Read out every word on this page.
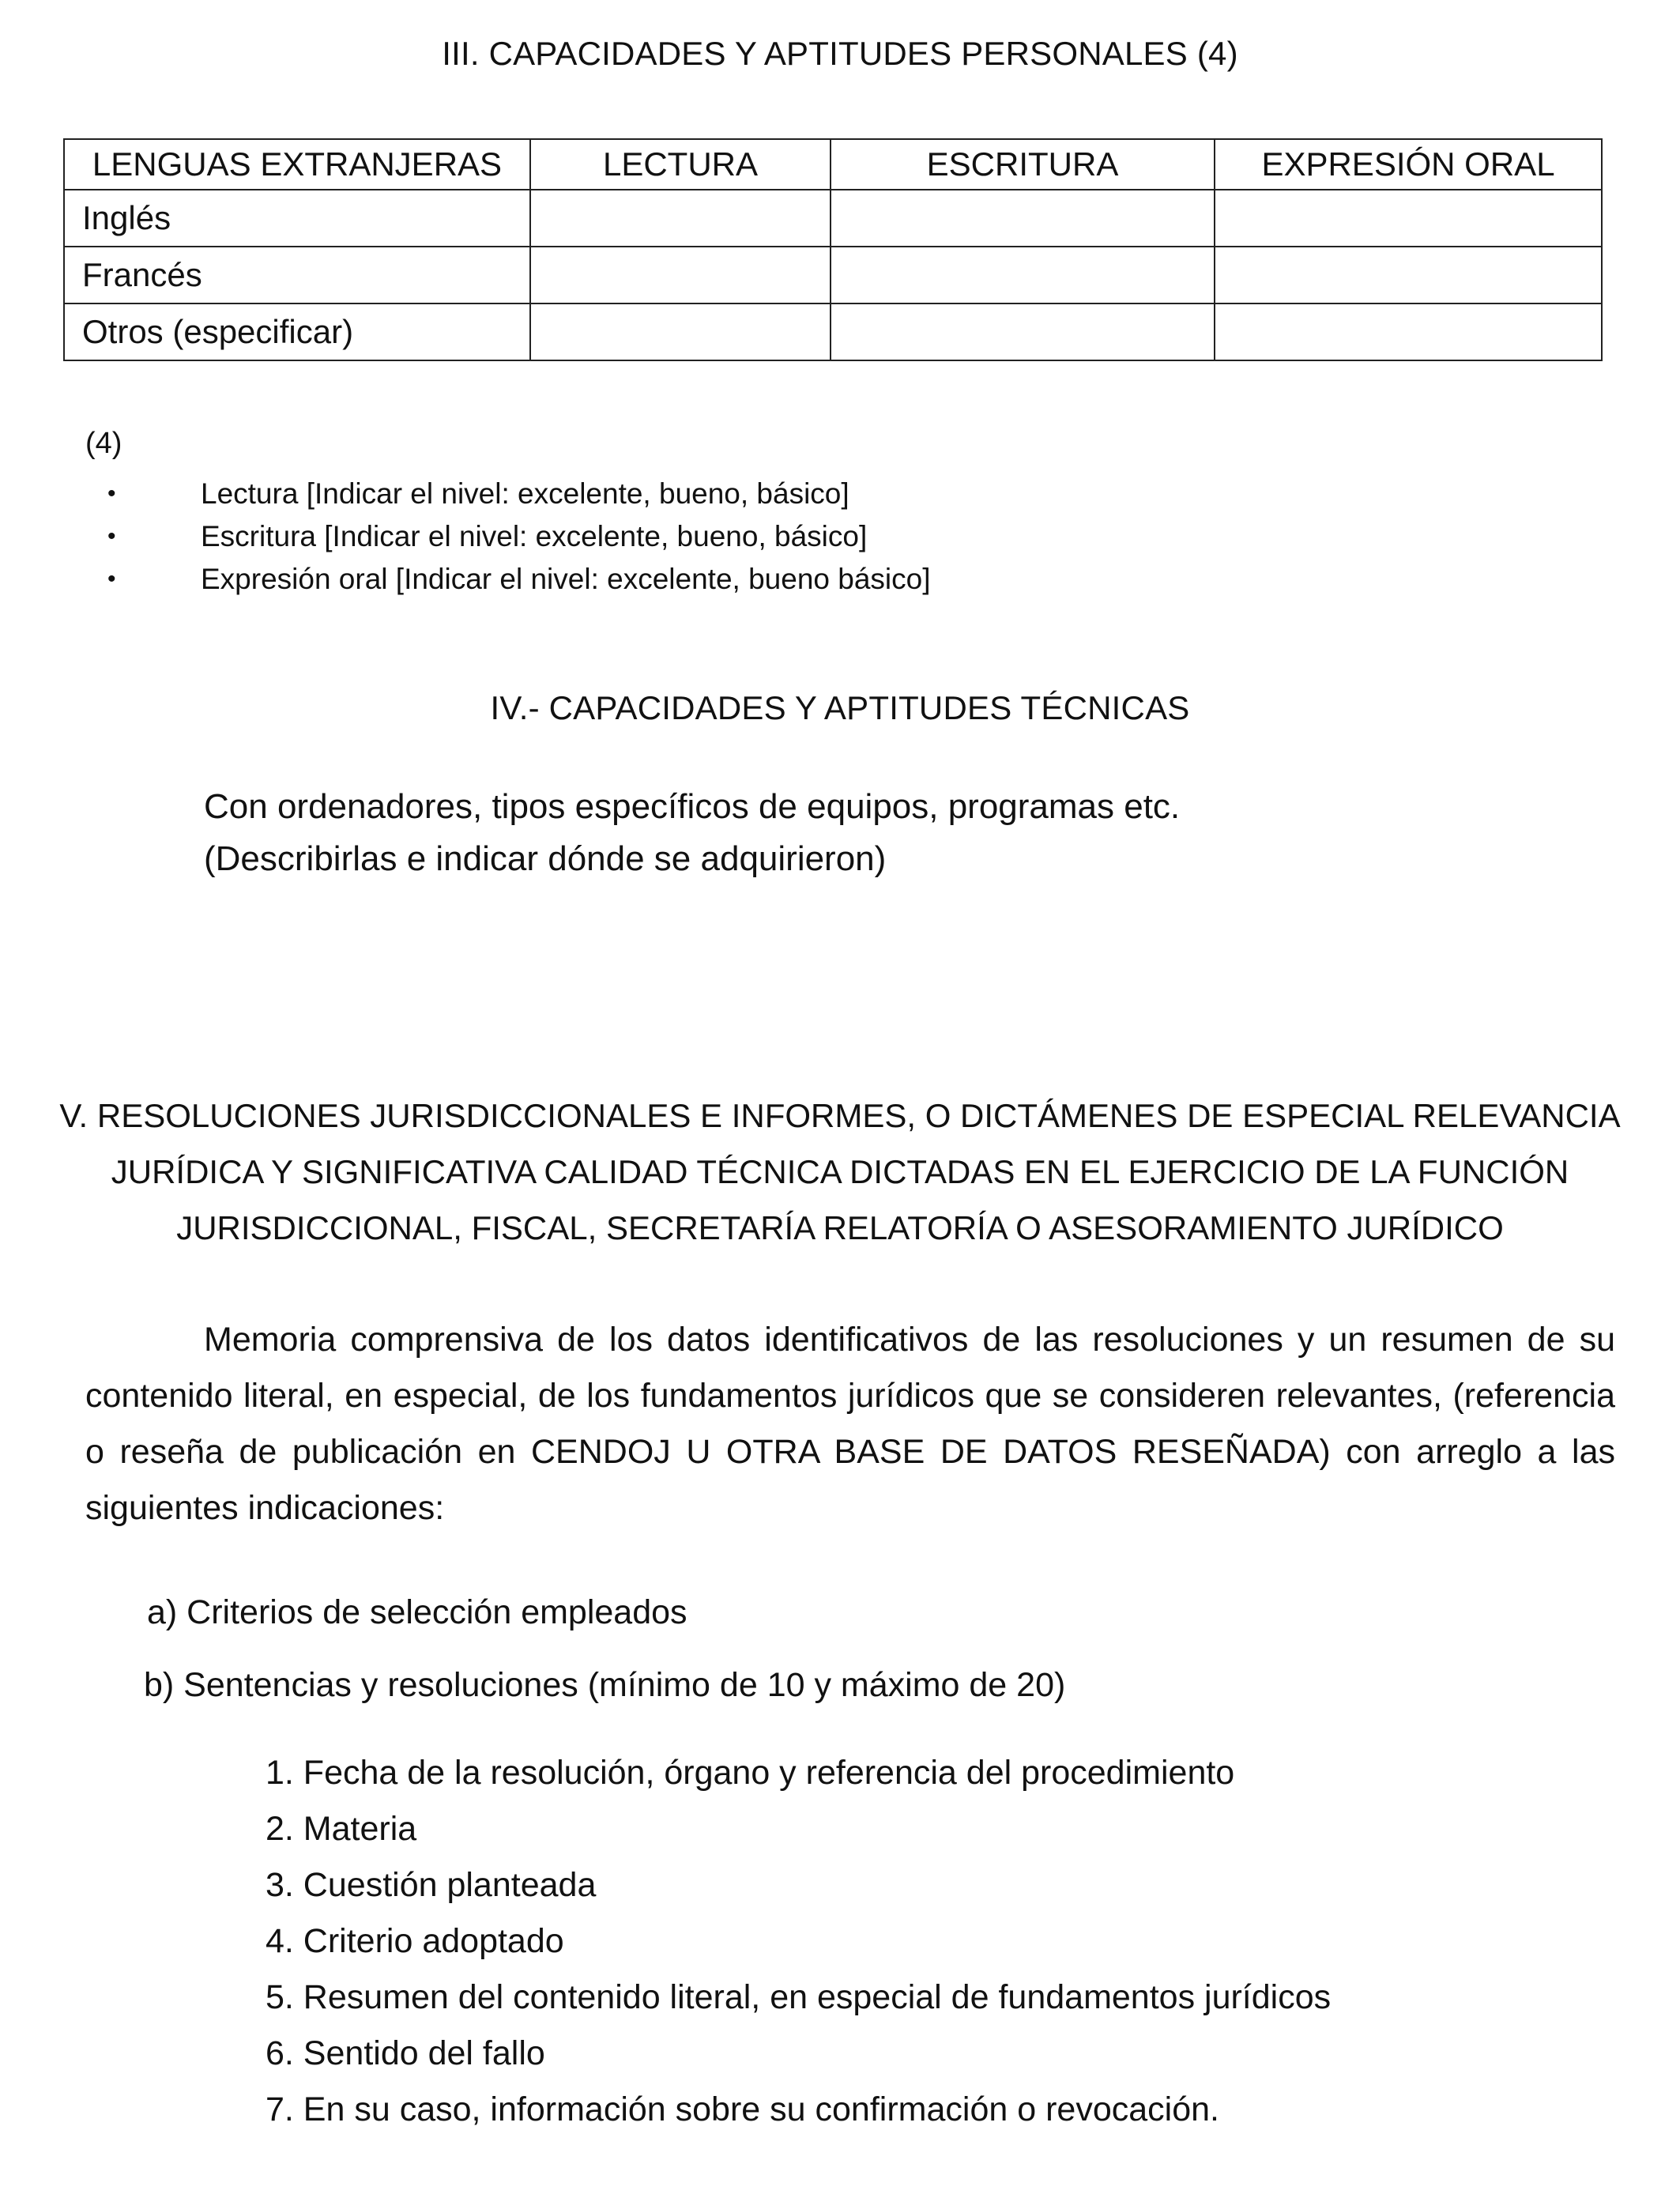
III. CAPACIDADES Y APTITUDES PERSONALES (4)
LENGUAS EXTRANJERAS	LECTURA	ESCRITURA	EXPRESIÓN ORAL
Inglés			
Francés			
Otros (especificar)			
(4)
•	Lectura [Indicar el nivel: excelente, bueno, básico]
•	Escritura [Indicar el nivel: excelente, bueno, básico]
•	Expresión oral [Indicar el nivel: excelente, bueno básico]
IV.- CAPACIDADES Y APTITUDES TÉCNICAS
Con ordenadores, tipos específicos de equipos, programas etc.
(Describirlas e indicar dónde se adquirieron)
V. RESOLUCIONES JURISDICCIONALES E INFORMES, O DICTÁMENES DE ESPECIAL RELEVANCIA
JURÍDICA Y SIGNIFICATIVA CALIDAD TÉCNICA DICTADAS EN EL EJERCICIO DE LA FUNCIÓN
JURISDICCIONAL, FISCAL, SECRETARÍA RELATORÍA O ASESORAMIENTO JURÍDICO
Memoria comprensiva de los datos identificativos de las resoluciones y un resumen de su contenido literal, en especial, de los fundamentos jurídicos que se consideren relevantes, (referencia o reseña de publicación en CENDOJ U OTRA BASE DE DATOS RESEÑADA) con arreglo a las siguientes indicaciones:
a) Criterios de selección empleados
b) Sentencias y resoluciones (mínimo de 10 y máximo de 20)
1. Fecha de la resolución, órgano y referencia del procedimiento
2. Materia
3. Cuestión planteada
4. Criterio adoptado
5. Resumen del contenido literal, en especial de fundamentos jurídicos
6. Sentido del fallo
7. En su caso, información sobre su confirmación o revocación.
